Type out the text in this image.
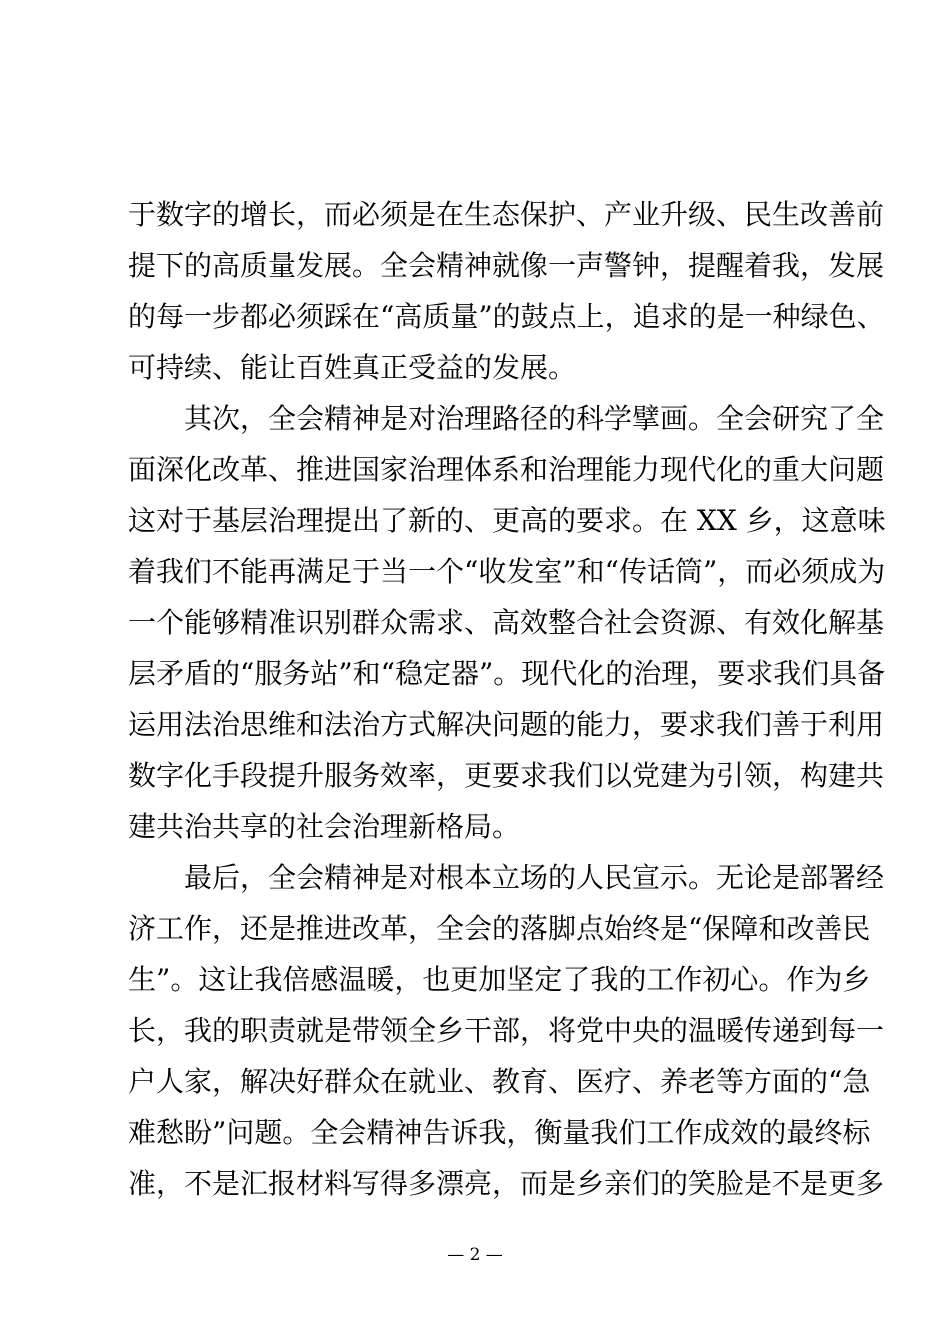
于数字的增长，而必须是在生态保护、产业升级、民生改善前
提下的高质量发展。全会精神就像一声警钟，提醒着我，发展
的每一步都必须踩在“高质量”的鼓点上，追求的是一种绿色、
可持续、能让百姓真正受益的发展。
其次，全会精神是对治理路径的科学擘画。全会研究了全
面深化改革、推进国家治理体系和治理能力现代化的重大问题
这对于基层治理提出了新的、更高的要求。在 XX 乡，这意味
着我们不能再满足于当一个“收发室”和“传话筒”，而必须成为
一个能够精准识别群众需求、高效整合社会资源、有效化解基
层矛盾的“服务站”和“稳定器”。现代化的治理，要求我们具备
运用法治思维和法治方式解决问题的能力，要求我们善于利用
数字化手段提升服务效率，更要求我们以党建为引领，构建共
建共治共享的社会治理新格局。
最后，全会精神是对根本立场的人民宣示。无论是部署经
济工作，还是推进改革，全会的落脚点始终是“保障和改善民
生”。这让我倍感温暖，也更加坚定了我的工作初心。作为乡
长，我的职责就是带领全乡干部，将党中央的温暖传递到每一
户人家，解决好群众在就业、教育、医疗、养老等方面的“急
难愁盼”问题。全会精神告诉我，衡量我们工作成效的最终标
准，不是汇报材料写得多漂亮，而是乡亲们的笑脸是不是更多
— 2 —
